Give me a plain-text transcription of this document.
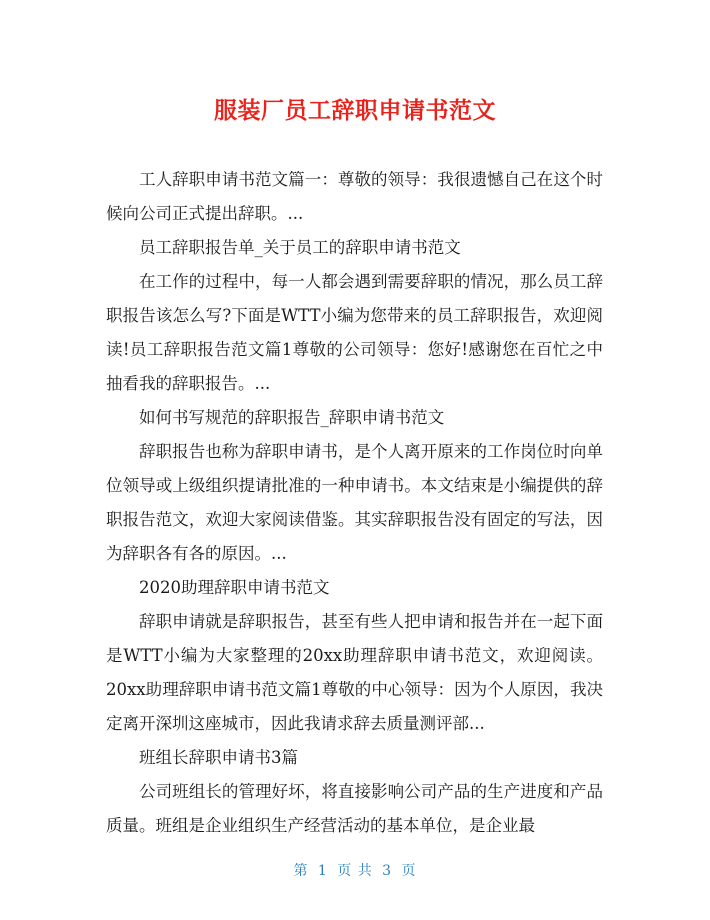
服装厂员工辞职申请书范文

工人辞职申请书范文篇一：尊敬的领导：我很遗憾自己在这个时候向公司正式提出辞职。...

员工辞职报告单_关于员工的辞职申请书范文

在工作的过程中，每一人都会遇到需要辞职的情况，那么员工辞职报告该怎么写?下面是WTT小编为您带来的员工辞职报告，欢迎阅读!员工辞职报告范文篇1尊敬的公司领导：您好!感谢您在百忙之中抽看我的辞职报告。...

如何书写规范的辞职报告_辞职申请书范文

辞职报告也称为辞职申请书，是个人离开原来的工作岗位时向单位领导或上级组织提请批准的一种申请书。本文结束是小编提供的辞职报告范文，欢迎大家阅读借鉴。其实辞职报告没有固定的写法，因为辞职各有各的原因。...

2020助理辞职申请书范文

辞职申请就是辞职报告，甚至有些人把申请和报告并在一起下面是WTT小编为大家整理的20xx助理辞职申请书范文，欢迎阅读。20xx助理辞职申请书范文篇1尊敬的中心领导：因为个人原因，我决定离开深圳这座城市，因此我请求辞去质量测评部...

班组长辞职申请书3篇

公司班组长的管理好坏，将直接影响公司产品的生产进度和产品质量。班组是企业组织生产经营活动的基本单位，是企业最

第 1 页 共 3 页
